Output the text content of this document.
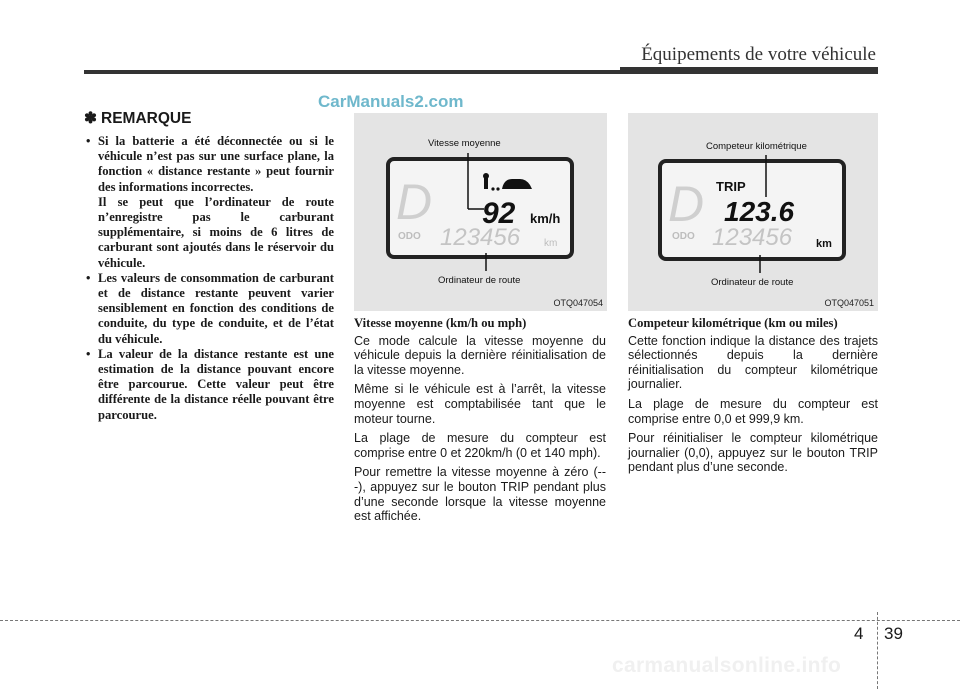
Équipements de votre véhicule
CarManuals2.com
✽ REMARQUE

• Si la batterie a été déconnectée ou si le véhicule n’est pas sur une surface plane, la fonction « distance restante » peut fournir des informations incorrectes.

Il se peut que l’ordinateur de route n’enregistre pas le carburant supplémentaire, si moins de 6 litres de carburant sont ajoutés dans le réservoir du véhicule.

• Les valeurs de consommation de carburant et de distance restante peuvent varier sensiblement en fonction des conditions de conduite, du type de conduite, et de l’état du véhicule.

• La valeur de la distance restante est une estimation de la distance pouvant encore être parcourue. Cette valeur peut être différente de la distance réelle pouvant être parcourue.

D 92 km/h
ODO 123456 km
Vitesse moyenne
Ordinateur de route
OTQ047054
D TRIP
123.6
ODO 123456 km
Competeur kilométrique
Ordinateur de route
OTQ047051
Vitesse moyenne (km/h ou mph)

Ce mode calcule la vitesse moyenne du véhicule depuis la dernière réinitialisation de la vitesse moyenne.

Même si le véhicule est à l’arrêt, la vitesse moyenne est comptabilisée tant que le moteur tourne.

La plage de mesure du compteur est comprise entre 0 et 220km/h (0 et 140 mph).

Pour remettre la vitesse moyenne à zéro (---), appuyez sur le bouton TRIP pendant plus d’une seconde lorsque la vitesse moyenne est affichée.

Competeur kilométrique (km ou miles)

Cette fonction indique la distance des trajets sélectionnés depuis la dernière réinitialisation du compteur kilométrique journalier.

La plage de mesure du compteur est comprise entre 0,0 et 999,9 km.

Pour réinitialiser le compteur kilométrique journalier (0,0), appuyez sur le bouton TRIP pendant plus d’une seconde.

4 39
carmanualsonline.info
